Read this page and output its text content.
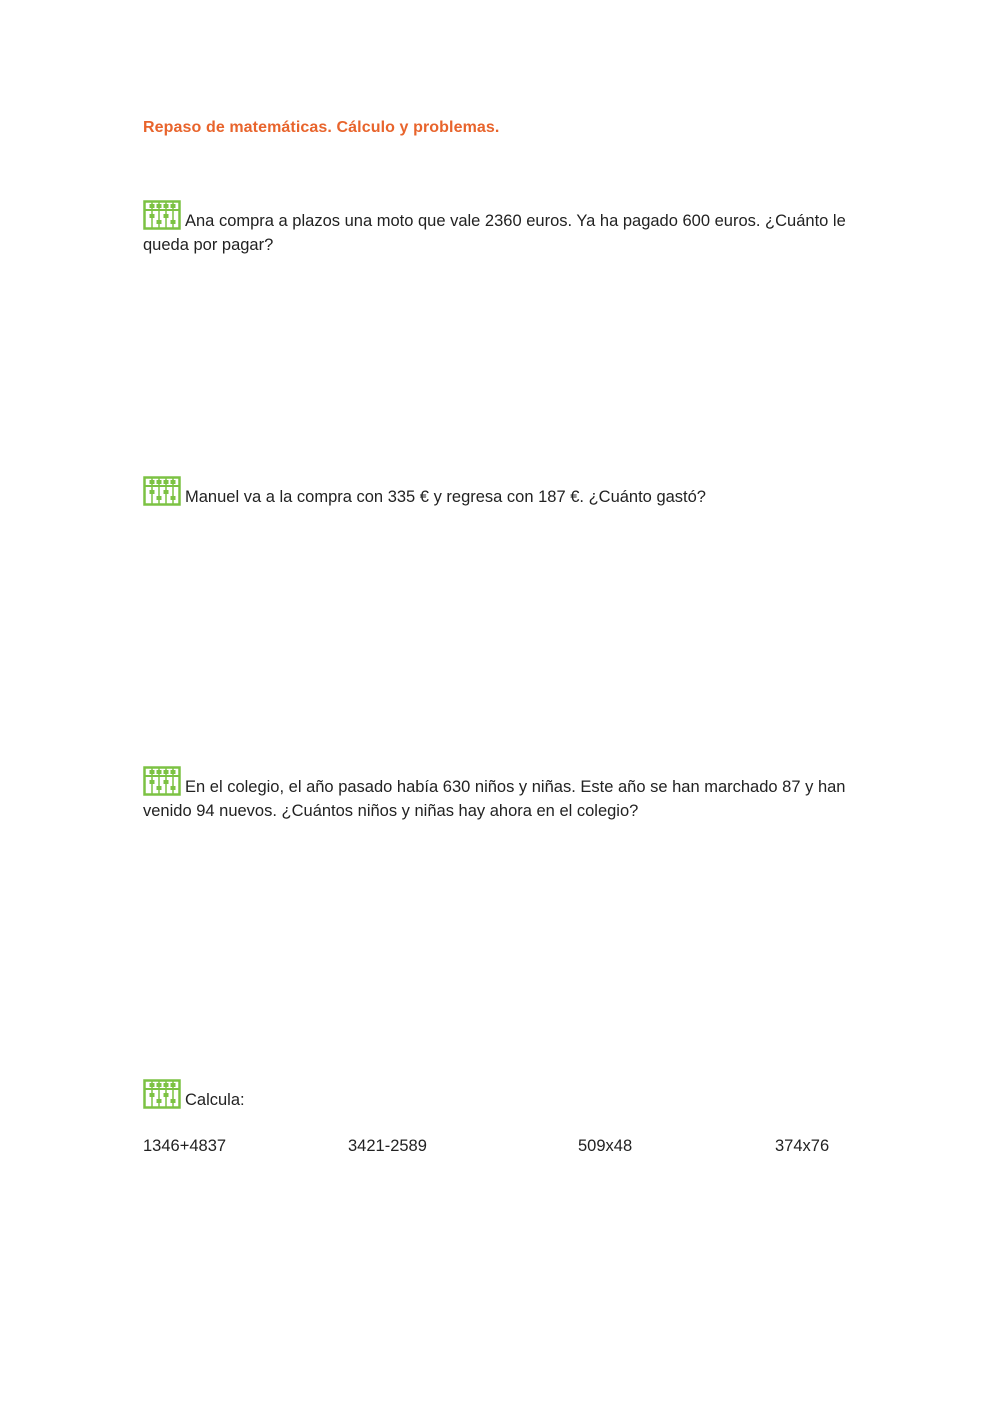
Repaso de matemáticas. Cálculo y problemas.
Ana compra a plazos una moto que vale 2360 euros. Ya ha pagado 600 euros. ¿Cuánto le queda por pagar?
Manuel va a la compra con 335 € y regresa con 187 €. ¿Cuánto gastó?
En el colegio, el año pasado había 630 niños y niñas. Este año se han marchado 87 y han venido 94 nuevos. ¿Cuántos niños y niñas hay ahora en el colegio?
Calcula:
1346+4837	3421-2589	509x48	374x76
